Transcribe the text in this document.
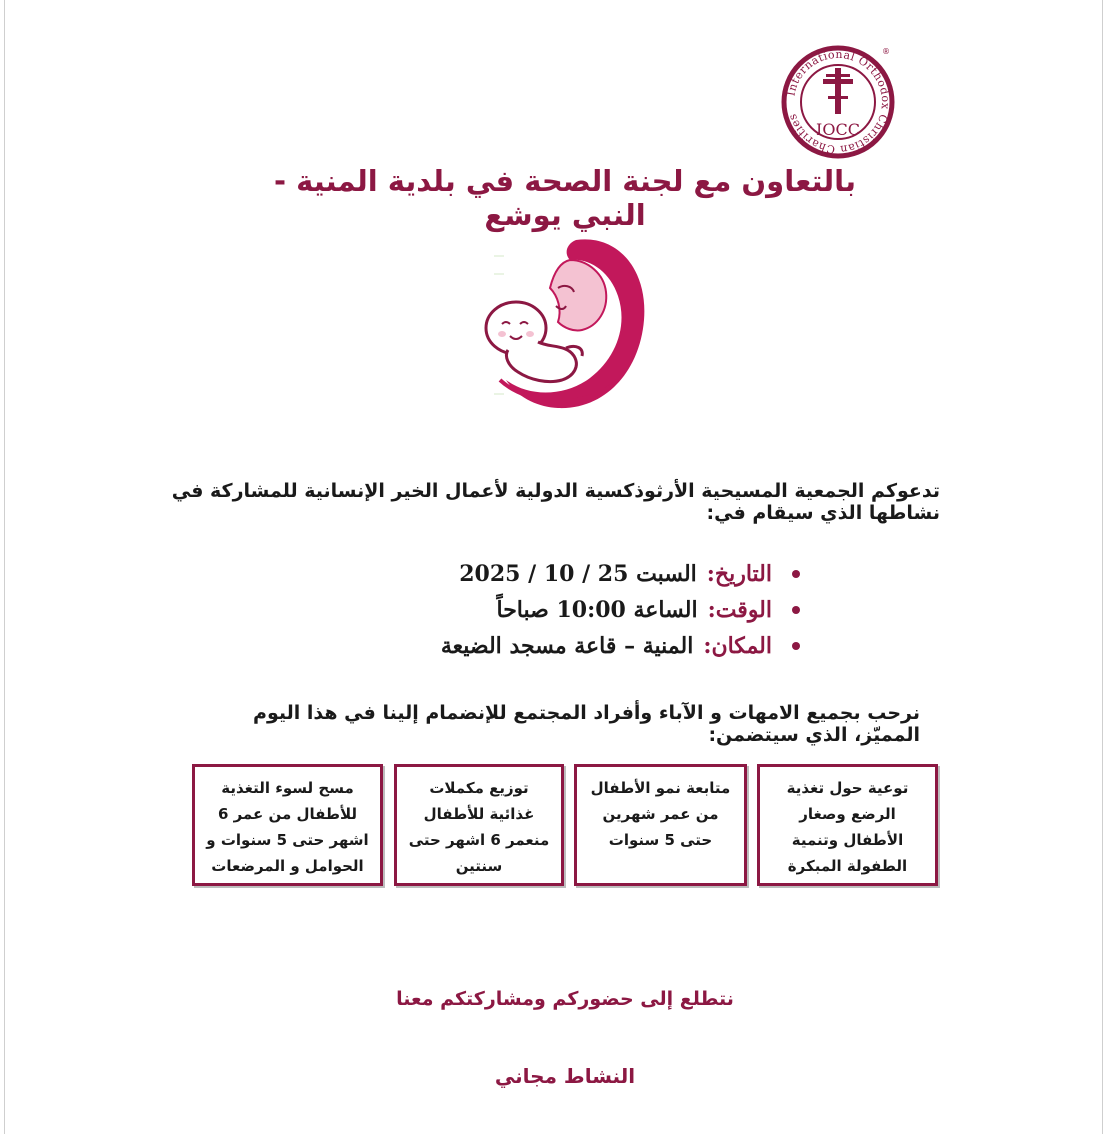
International Orthodox Christian Charities
IOCC
®
بالتعاون مع لجنة الصحة في بلدية المنية - النبي يوشع
تدعوكم الجمعية المسيحية الأرثوذكسية الدولية لأعمال الخير الإنسانية للمشاركة في نشاطها الذي سيقام في:
التاريخ:
السبت 25 / 10 / 2025
الوقت:
الساعة 10:00 صباحاً
المكان:
المنية – قاعة مسجد الضيعة
نرحب بجميع الامهات و الآباء وأفراد المجتمع للإنضمام إلينا في هذا اليوم المميّز، الذي سيتضمن:
توعية حول تغذية الرضع وصغار الأطفال وتنمية الطفولة المبكرة
متابعة نمو الأطفال من عمر شهرين حتى 5 سنوات
توزيع مكملات غذائية للأطفال منعمر 6 اشهر حتى سنتين
مسح لسوء التغذية للأطفال من عمر 6 اشهر حتى 5 سنوات و الحوامل و المرضعات
نتطلع إلى حضوركم ومشاركتكم معنا
النشاط مجاني
